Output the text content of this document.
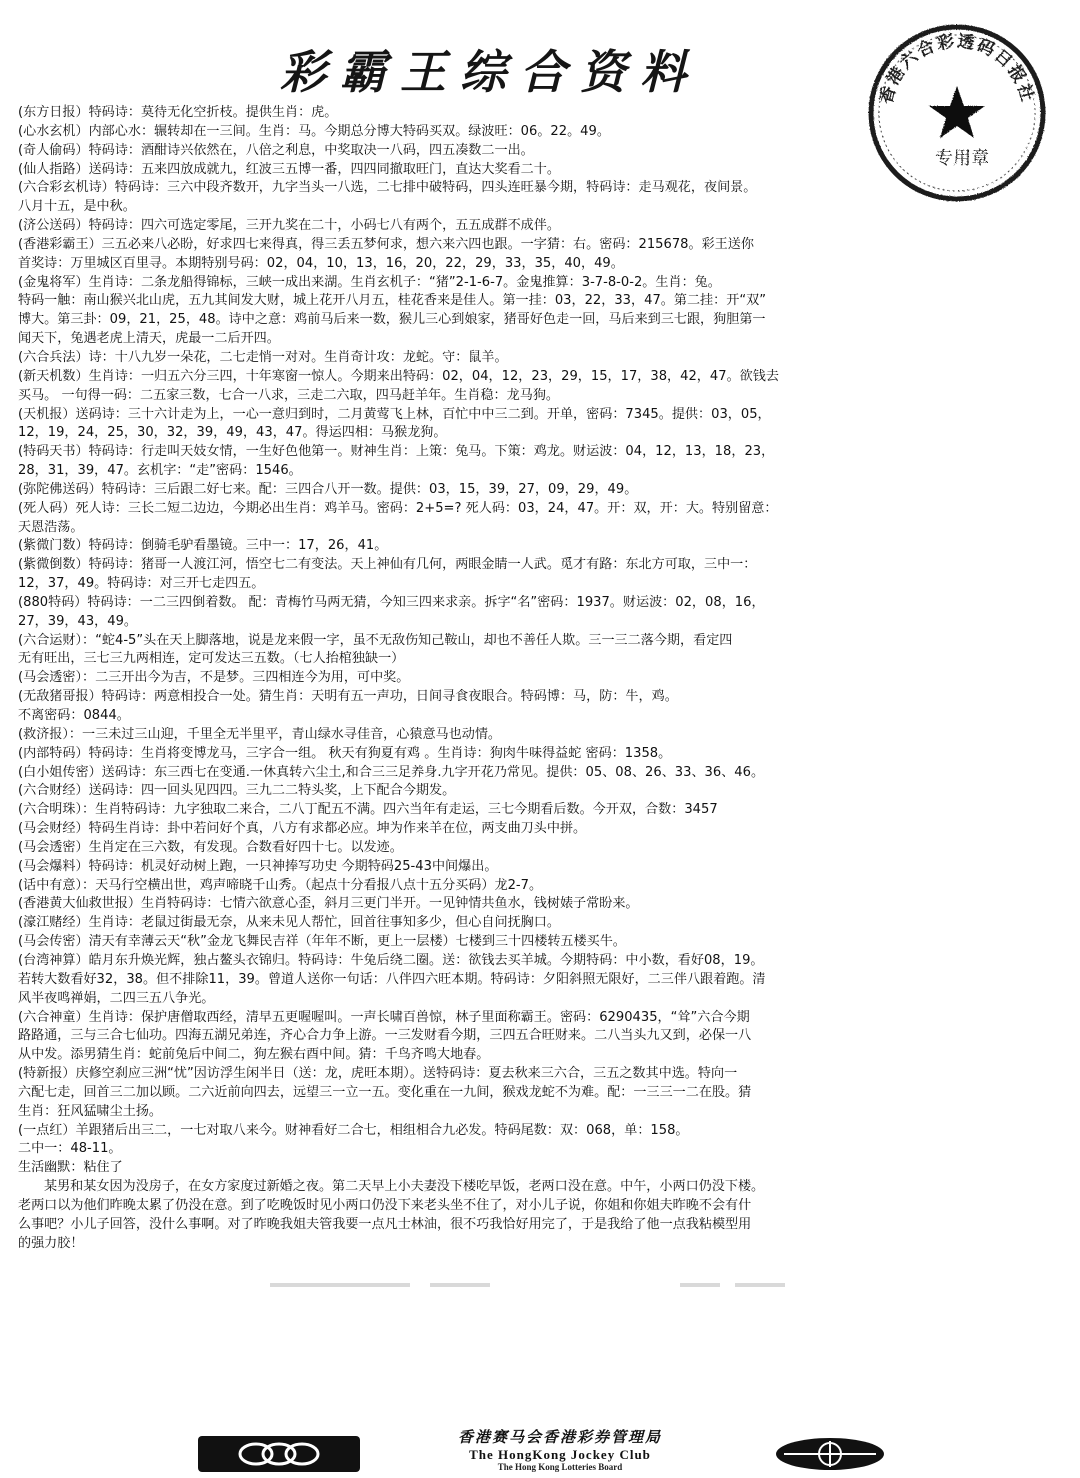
彩霸王综合资料	香港六合彩透码日报社
专用章
(东方日报）特码诗：莫待无化空折枝。提供生肖：虎。
(心水玄机）内部心水：辗转却在一三间。生肖：马。今期总分博大特码买双。绿波旺：06。22。49。
(奇人偷码）特码诗：酒酣诗兴依然在，八倍之利息，中奖取决一八码，四五凑数二一出。
(仙人指路）送码诗：五来四放成就九，红波三五博一番，四四同撤取旺门，直达大奖看二十。
(六合彩玄机诗）特码诗：三六中段齐数开，九字当头一八选，二七排中破特码，四头连旺暴今期，特码诗：走马观花，夜间景。
八月十五，是中秋。
(济公送码）特码诗：四六可选定零尾，三开九奖在二十，小码七八有两个，五五成群不成伴。
(香港彩霸王）三五必来八必盼，好求四七来得真，得三丢五梦何求，想六来六四也跟。一字猜：右。密码：215678。彩王送你
首奖诗：万里城区百里寻。本期特别号码：02，04，10，13，16，20，22，29，33，35，40，49。
(金鬼将军）生肖诗：二条龙船得锦标，三峡一成出来湖。生肖玄机子：“猪”2-1-6-7。金鬼推算：3-7-8-0-2。生肖：兔。
特码一触：南山猴兴北山虎，五九其间发大财，城上花开八月五，桂花香来是佳人。第一挂：03，22，33，47。第二挂：开“双”
博大。第三卦：09，21，25，48。诗中之意：鸡前马后来一数，猴儿三心到娘家，猪哥好色走一回，马后来到三七跟，狗胆第一
闻天下，兔遇老虎上清天，虎最一二后开四。
(六合兵法）诗：十八九岁一朵花，二七走悄一对对。生肖奇计攻：龙蛇。守：鼠羊。
(新天机数）生肖诗：一归五六分三四，十年寒窗一惊人。今期来出特码：02，04，12，23，29，15，17，38，42，47。欲钱去
买马。 一句得一码：二五家三数，七合一八求，三走二六取，四马赶羊年。生肖稳：龙马狗。
(天机报）送码诗：三十六计走为上，一心一意归到时，二月黄莺飞上林，百忙中中三二到。开单，密码：7345。提供：03，05，
12，19，24，25，30，32，39，49，43，47。得运四相：马猴龙狗。
(特码天书）特码诗：行走叫天妓女情，一生好色他第一。财神生肖：上策：兔马。下策：鸡龙。财运波：04，12，13，18，23，
28，31，39，47。玄机字：“走”密码：1546。
(弥陀佛送码）特码诗：三后跟二好七来。配：三四合八开一数。提供：03，15，39，27，09，29，49。
(死人码）死人诗：三长二短二边边，今期必出生肖：鸡羊马。密码：2+5=? 死人码：03，24，47。开：双，开：大。特别留意：
天恩浩荡。
(紫微门数）特码诗：倒骑毛驴看墨镜。三中一：17，26，41。
(紫微倒数）特码诗：猪哥一人渡江河，悟空七二有变法。天上神仙有几何，两眼金睛一人武。觅才有路：东北方可取，三中一：
12，37，49。特码诗：对三开七走四五。
(880特码）特码诗：一二三四倒着数。 配：青梅竹马两无猜，今知三四来求亲。拆字“名”密码：1937。财运波：02，08，16，
27，39，43，49。
(六合运财）：“蛇4-5”头在天上脚落地，说是龙来假一字，虽不无敌伤知己鞍山，却也不善任人欺。三一三二落今期，看定四
无有旺出，三七三九两相连，定可发达三五数。（七人抬棺独缺一）
(马会透密）：二三开出今为吉，不是梦。三四相连今为用，可中奖。
(无敌猪哥报）特码诗：两意相投合一处。猜生肖：天明有五一声功，日间寻食夜眼合。特码博：马，防：牛，鸡。
不离密码：0844。
(救济报）：一三未过三山迎，千里全无半里平，青山绿水寻佳音，心猿意马也动情。
(内部特码）特码诗：生肖将变博龙马，三字合一组。 秋天有狗夏有鸡 。生肖诗：狗肉牛味得益蛇 密码：1358。
(白小姐传密）送码诗：东三西七在变通.一休真转六尘土,和合三三足养身.九字开花乃常见。提供：05、08、26、33、36、46。
(六合财经）送码诗：四一回头见四四。三九二二特头奖，上下配合今期发。
(六合明珠）：生肖特码诗：九字独取二来合，二八丁配五不满。四六当年有走运，三七今期看后数。今开双，合数：3457
(马会财经）特码生肖诗：卦中若问好个真，八方有求都必应。坤为作来羊在位，两支曲刀头中拼。
(马会透密）生肖定在三六数，有发现。合数看好四十七。以发迹。
(马会爆料）特码诗：机灵好动树上跑，一只神捧写功史 今期特码25-43中间爆出。
(话中有意）：天马行空横出世，鸡声啼晓千山秀。（起点十分看报八点十五分买码）龙2-7。
(香港黄大仙救世报）生肖特码诗：七情六欲意心歪，斜月三更门半开。一见钟情共鱼水，钱树婊子常盼来。
(濠江赌经）生肖诗：老鼠过街最无奈，从来未见人帮忙，回首往事知多少，但心自问抚胸口。
(马会传密）清天有幸薄云天“秋”金龙飞舞民吉祥（年年不断，更上一层楼）七楼到三十四楼转五楼买牛。
(台湾神算）皓月东升焕光辉，独占鳌头衣锦归。特码诗：牛兔后绕二圈。送：欲钱去买羊城。今期特码：中小数，看好08，19。
若转大数看好32，38。但不排除11，39。曾道人送你一句话：八伴四六旺本期。特码诗：夕阳斜照无限好，二三伴八跟着跑。清
风半夜鸣禅娟，二四三五八争光。
(六合神童）生肖诗：保护唐僧取西经，清早五更喔喔叫。一声长啸百兽惊，林子里面称霸王。密码：6290435，“耸”六合今期
路路通，三与三合七仙功。四海五湖兄弟连，齐心合力争上游。一三发财看今期，三四五合旺财来。二八当头九又到，必保一八
从中发。添男猜生肖：蛇前兔后中间二，狗左猴右酉中间。猜：千鸟齐鸣大地春。
(特新报）庆修空刹应三洲“忧”因访浮生闲半日（送：龙，虎旺本期）。送特码诗：夏去秋来三六合，三五之数其中选。特向一
六配七走，回首三二加以顾。二六近前向四去，远望三一立一五。变化重在一九间，猴戏龙蛇不为难。配：一三三一二在股。猜
生肖：狂风猛啸尘土扬。
(一点红）羊跟猪后出三二，一七对取八来今。财神看好二合七，相组相合九必发。特码尾数：双：068，单：158。
二中一：48-11。
生活幽默：粘住了
某男和某女因为没房子，在女方家度过新婚之夜。第二天早上小夫妻没下楼吃早饭，老两口没在意。中午，小两口仍没下楼。
老两口以为他们昨晚太累了仍没在意。到了吃晚饭时见小两口仍没下来老头坐不住了，对小儿子说，你姐和你姐夫昨晚不会有什
么事吧？小儿子回答，没什么事啊。对了昨晚我姐夫管我要一点凡士林油，很不巧我恰好用完了，于是我给了他一点我粘模型用
的强力胶！
香港赛马会香港彩券管理局
The HongKong Jockey Club
The Hong Kong Lotteries Board
